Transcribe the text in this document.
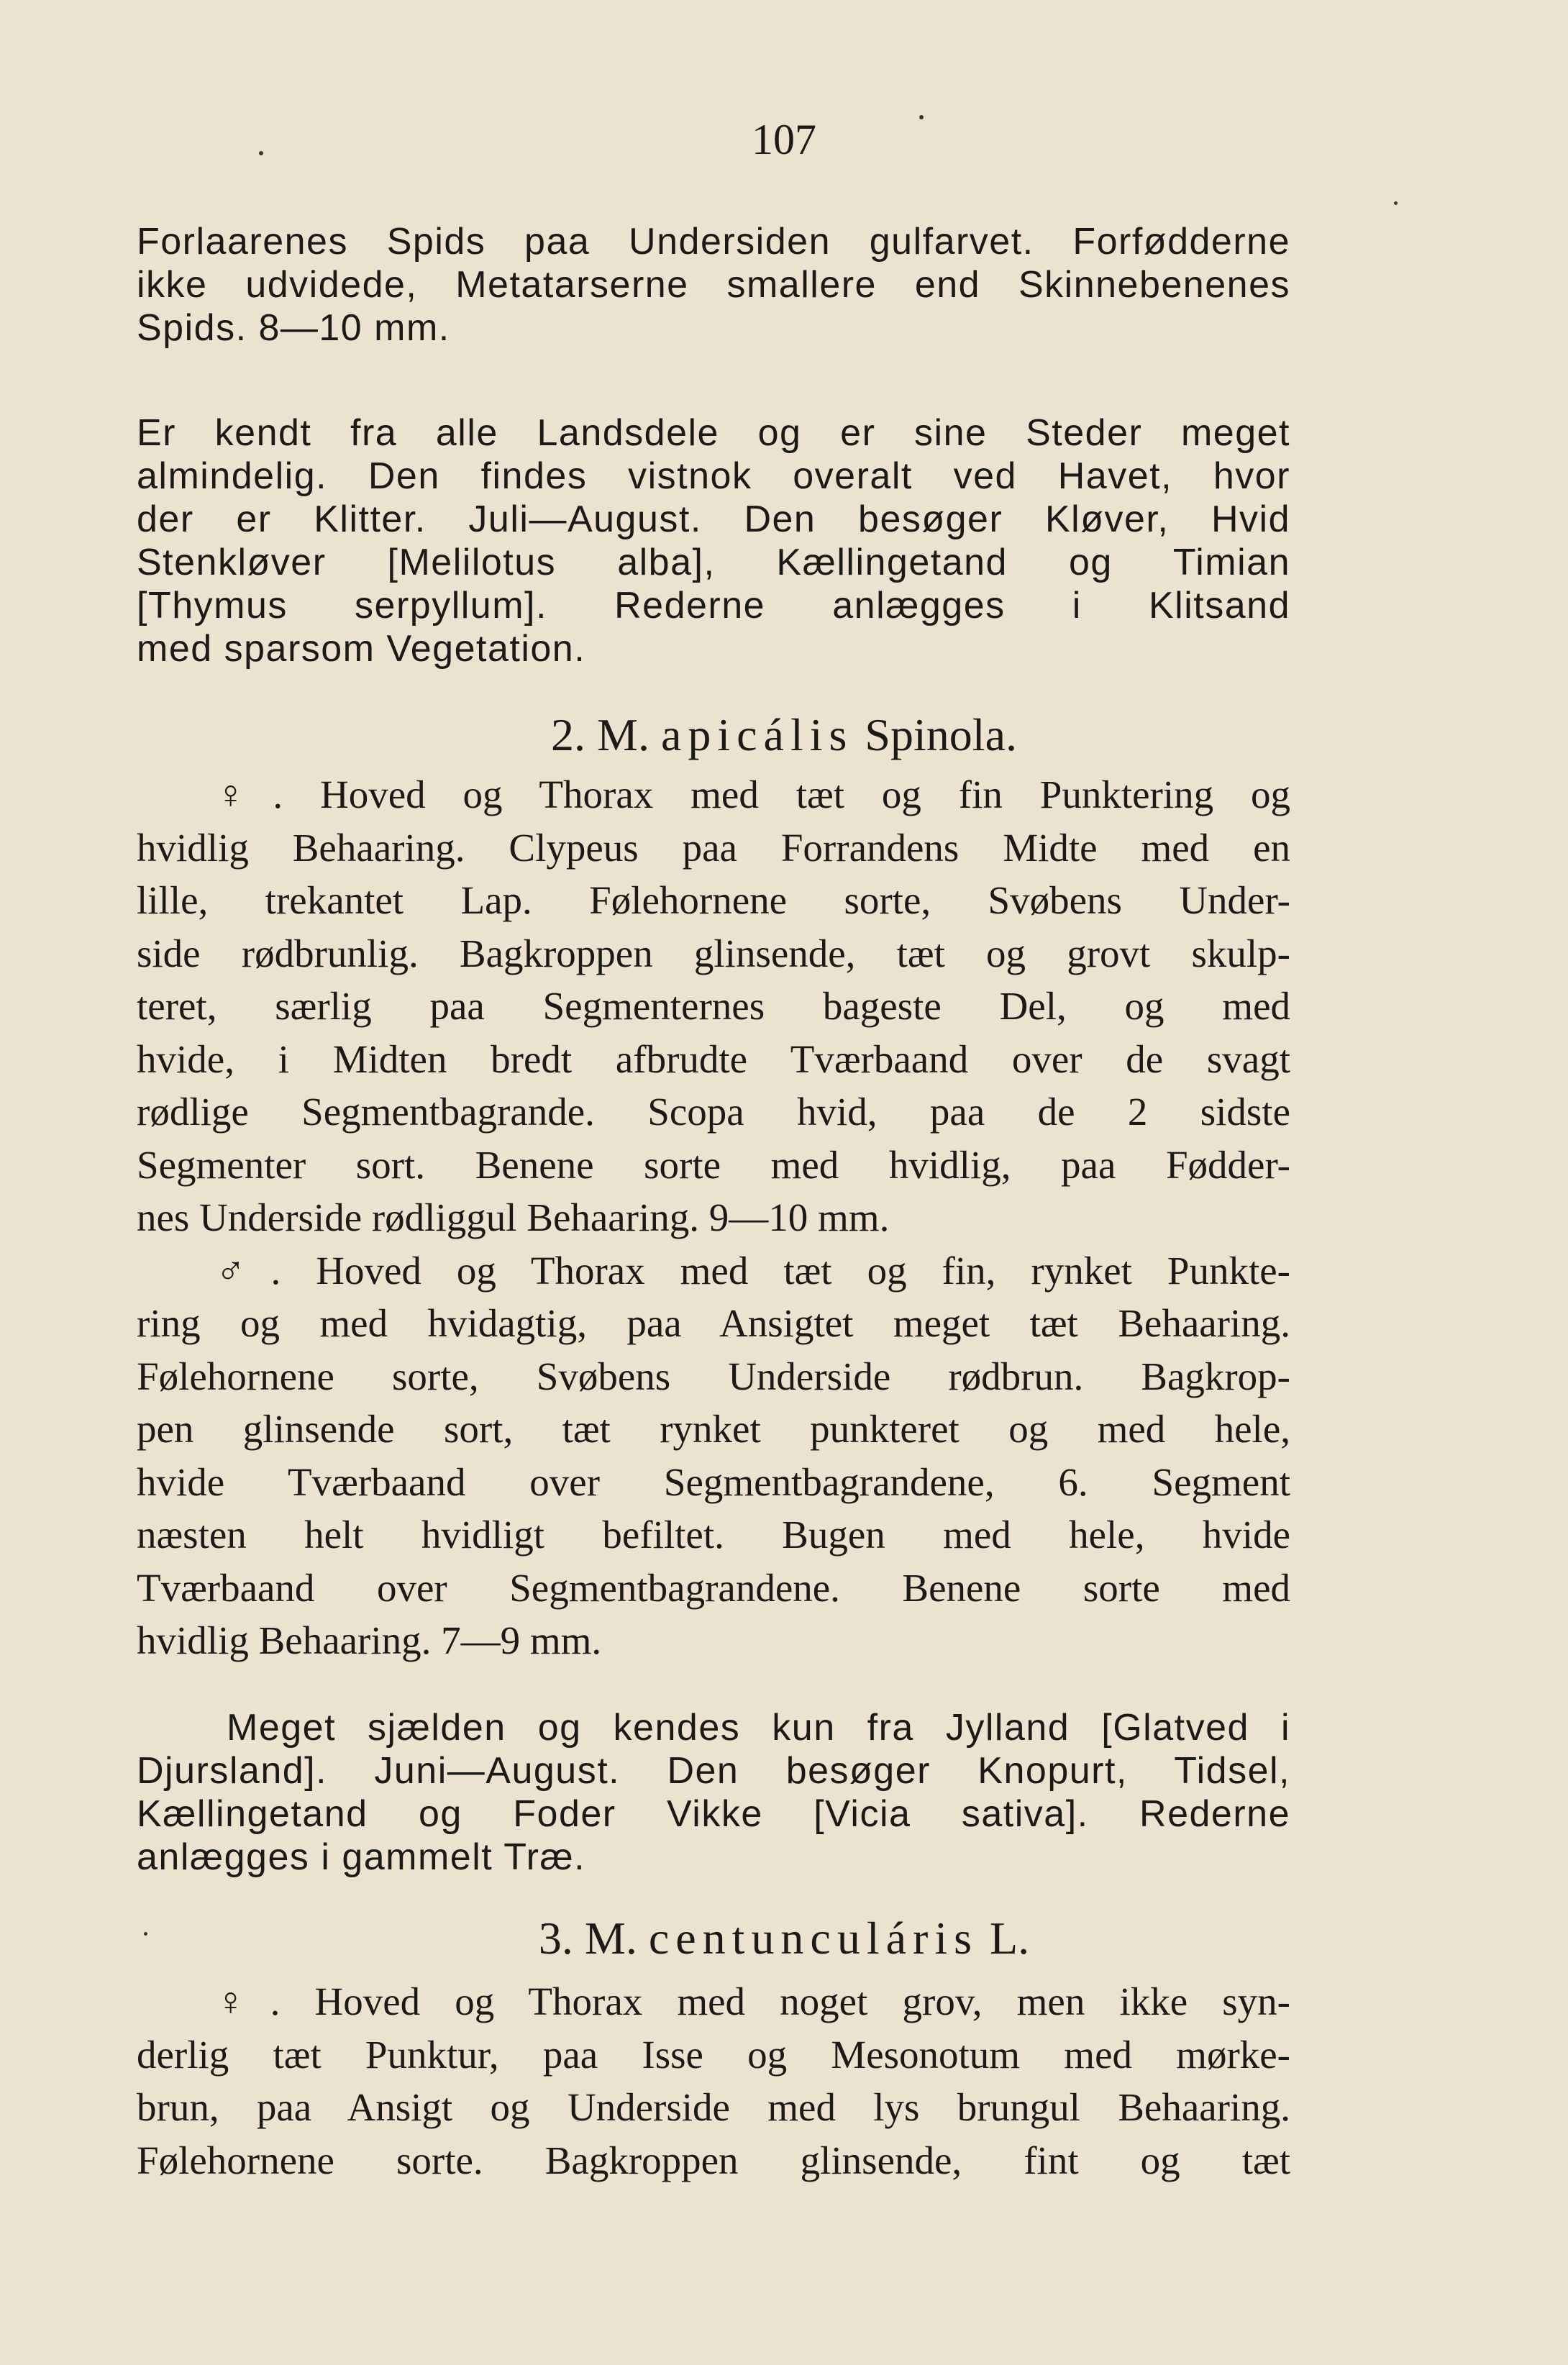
107
Forlaarenes Spids paa Undersiden gulfarvet. Forfødderne
ikke udvidede, Metatarserne smallere end Skinnebenenes
Spids. 8—10 mm.
Er kendt fra alle Landsdele og er sine Steder meget
almindelig. Den findes vistnok overalt ved Havet, hvor
der er Klitter. Juli—August. Den besøger Kløver, Hvid
Stenkløver [Melilotus alba], Kællingetand og Timian
[Thymus serpyllum]. Rederne anlægges i Klitsand
med sparsom Vegetation.
2. M. apicális Spinola.
♀. Hoved og Thorax med tæt og fin Punktering og
hvidlig Behaaring. Clypeus paa Forrandens Midte med en
lille, trekantet Lap. Følehornene sorte, Svøbens Under-
side rødbrunlig. Bagkroppen glinsende, tæt og grovt skulp-
teret, særlig paa Segmenternes bageste Del, og med
hvide, i Midten bredt afbrudte Tværbaand over de svagt
rødlige Segmentbagrande. Scopa hvid, paa de 2 sidste
Segmenter sort. Benene sorte med hvidlig, paa Fødder-
nes Underside rødliggul Behaaring. 9—10 mm.
♂. Hoved og Thorax med tæt og fin, rynket Punkte-
ring og med hvidagtig, paa Ansigtet meget tæt Behaaring.
Følehornene sorte, Svøbens Underside rødbrun. Bagkrop-
pen glinsende sort, tæt rynket punkteret og med hele,
hvide Tværbaand over Segmentbagrandene, 6. Segment
næsten helt hvidligt befiltet. Bugen med hele, hvide
Tværbaand over Segmentbagrandene. Benene sorte med
hvidlig Behaaring. 7—9 mm.
Meget sjælden og kendes kun fra Jylland [Glatved i
Djursland]. Juni—August. Den besøger Knopurt, Tidsel,
Kællingetand og Foder Vikke [Vicia sativa]. Rederne
anlægges i gammelt Træ.
3. M. centunculáris L.
♀. Hoved og Thorax med noget grov, men ikke syn-
derlig tæt Punktur, paa Isse og Mesonotum med mørke-
brun, paa Ansigt og Underside med lys brungul Behaaring.
Følehornene sorte. Bagkroppen glinsende, fint og tæt
